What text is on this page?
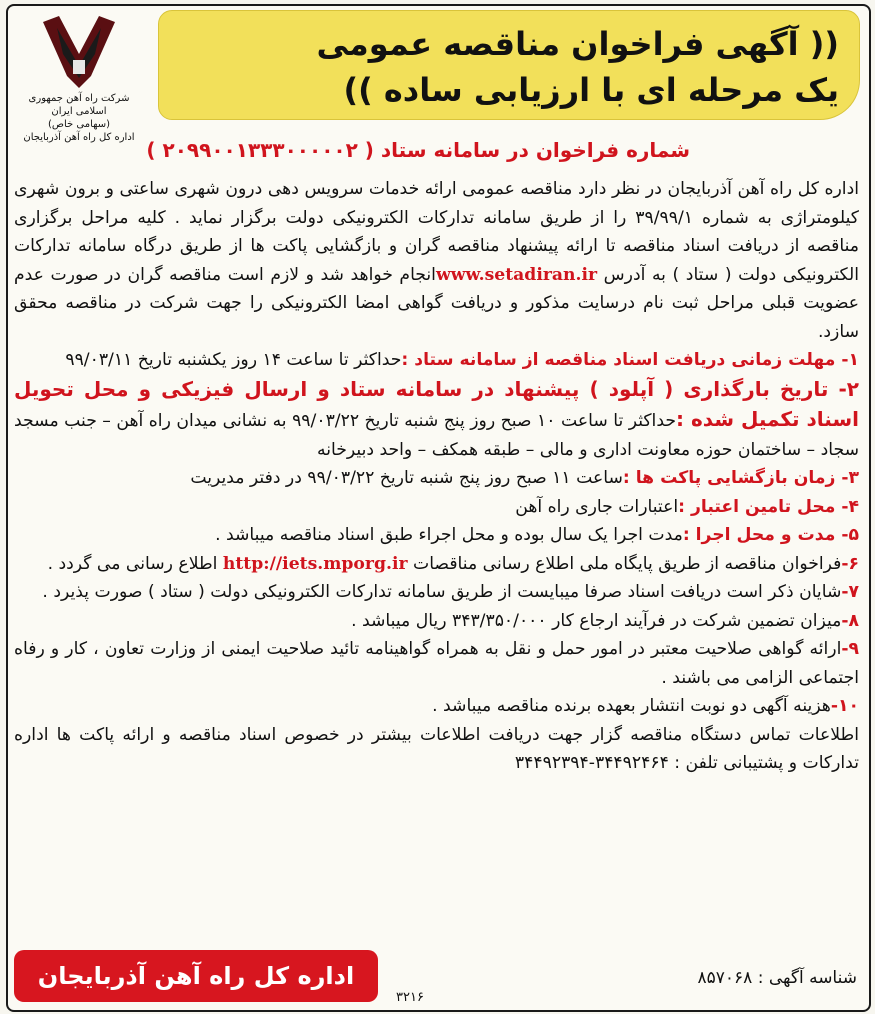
(( آگهی فراخوان مناقصه عمومی
یک مرحله ای با ارزیابی ساده ))
شرکت راه آهن جمهوری اسلامی ایران
(سهامی خاص)
اداره کل راه آهن آذربایجان
شماره فراخوان در سامانه ستاد ( ۲۰۹۹۰۰۱۳۳۳۰۰۰۰۰۲ )

اداره کل راه آهن آذربایجان در نظر دارد مناقصه عمومی ارائه خدمات سرویس دهی درون شهری ساعتی و برون شهری کیلومتراژی به شماره ۳۹/۹۹/۱ را از طریق سامانه تدارکات الکترونیکی دولت برگزار نماید . کلیه مراحل برگزاری مناقصه از دریافت اسناد مناقصه تا ارائه پیشنهاد مناقصه گران و بازگشایی پاکت ها از طریق درگاه سامانه تدارکات الکترونیکی دولت ( ستاد ) به آدرس www.setadiran.irانجام خواهد شد و لازم است مناقصه گران در صورت عدم عضویت قبلی مراحل ثبت نام درسایت مذکور و دریافت گواهی امضا الکترونیکی را جهت شرکت در مناقصه محقق سازد.

۱- مهلت زمانی دریافت اسناد مناقصه از سامانه ستاد :حداکثر تا ساعت ۱۴ روز یکشنبه تاریخ ۹۹/۰۳/۱۱

۲- تاریخ بارگذاری ( آپلود ) پیشنهاد در سامانه ستاد و ارسال فیزیکی و محل تحویل اسناد تکمیل شده :حداکثر تا ساعت ۱۰ صبح روز پنج شنبه تاریخ ۹۹/۰۳/۲۲ به نشانی میدان راه آهن – جنب مسجد سجاد – ساختمان حوزه معاونت اداری و مالی – طبقه همکف – واحد دبیرخانه

۳- زمان بازگشایی پاکت ها :ساعت ۱۱ صبح روز پنج شنبه تاریخ ۹۹/۰۳/۲۲ در دفتر مدیریت

۴- محل تامین اعتبار :اعتبارات جاری راه آهن

۵- مدت و محل اجرا :مدت اجرا یک سال بوده و محل اجراء طبق اسناد مناقصه میباشد .

۶-فراخوان مناقصه از طریق پایگاه ملی اطلاع رسانی مناقصات http://iets.mporg.ir اطلاع رسانی می گردد .

۷-شایان ذکر است دریافت اسناد صرفا میبایست از طریق سامانه تدارکات الکترونیکی دولت ( ستاد ) صورت پذیرد .

۸-میزان تضمین شرکت در فرآیند ارجاع کار ۳۴۳/۳۵۰/۰۰۰ ریال میباشد .

۹-ارائه گواهی صلاحیت معتبر در امور حمل و نقل به همراه گواهینامه تائید صلاحیت ایمنی از وزارت تعاون ، کار و رفاه اجتماعی الزامی می باشند .

۱۰-هزینه آگهی دو نوبت انتشار بعهده برنده مناقصه میباشد .

اطلاعات تماس دستگاه مناقصه گزار جهت دریافت اطلاعات بیشتر در خصوص اسناد مناقصه و ارائه پاکت ها اداره تدارکات و پشتیبانی تلفن : ۳۴۴۹۲۴۶۴-۳۴۴۹۲۳۹۴

شناسه آگهی : ۸۵۷۰۶۸
اداره کل راه آهن آذربایجان
۳۲۱۶
